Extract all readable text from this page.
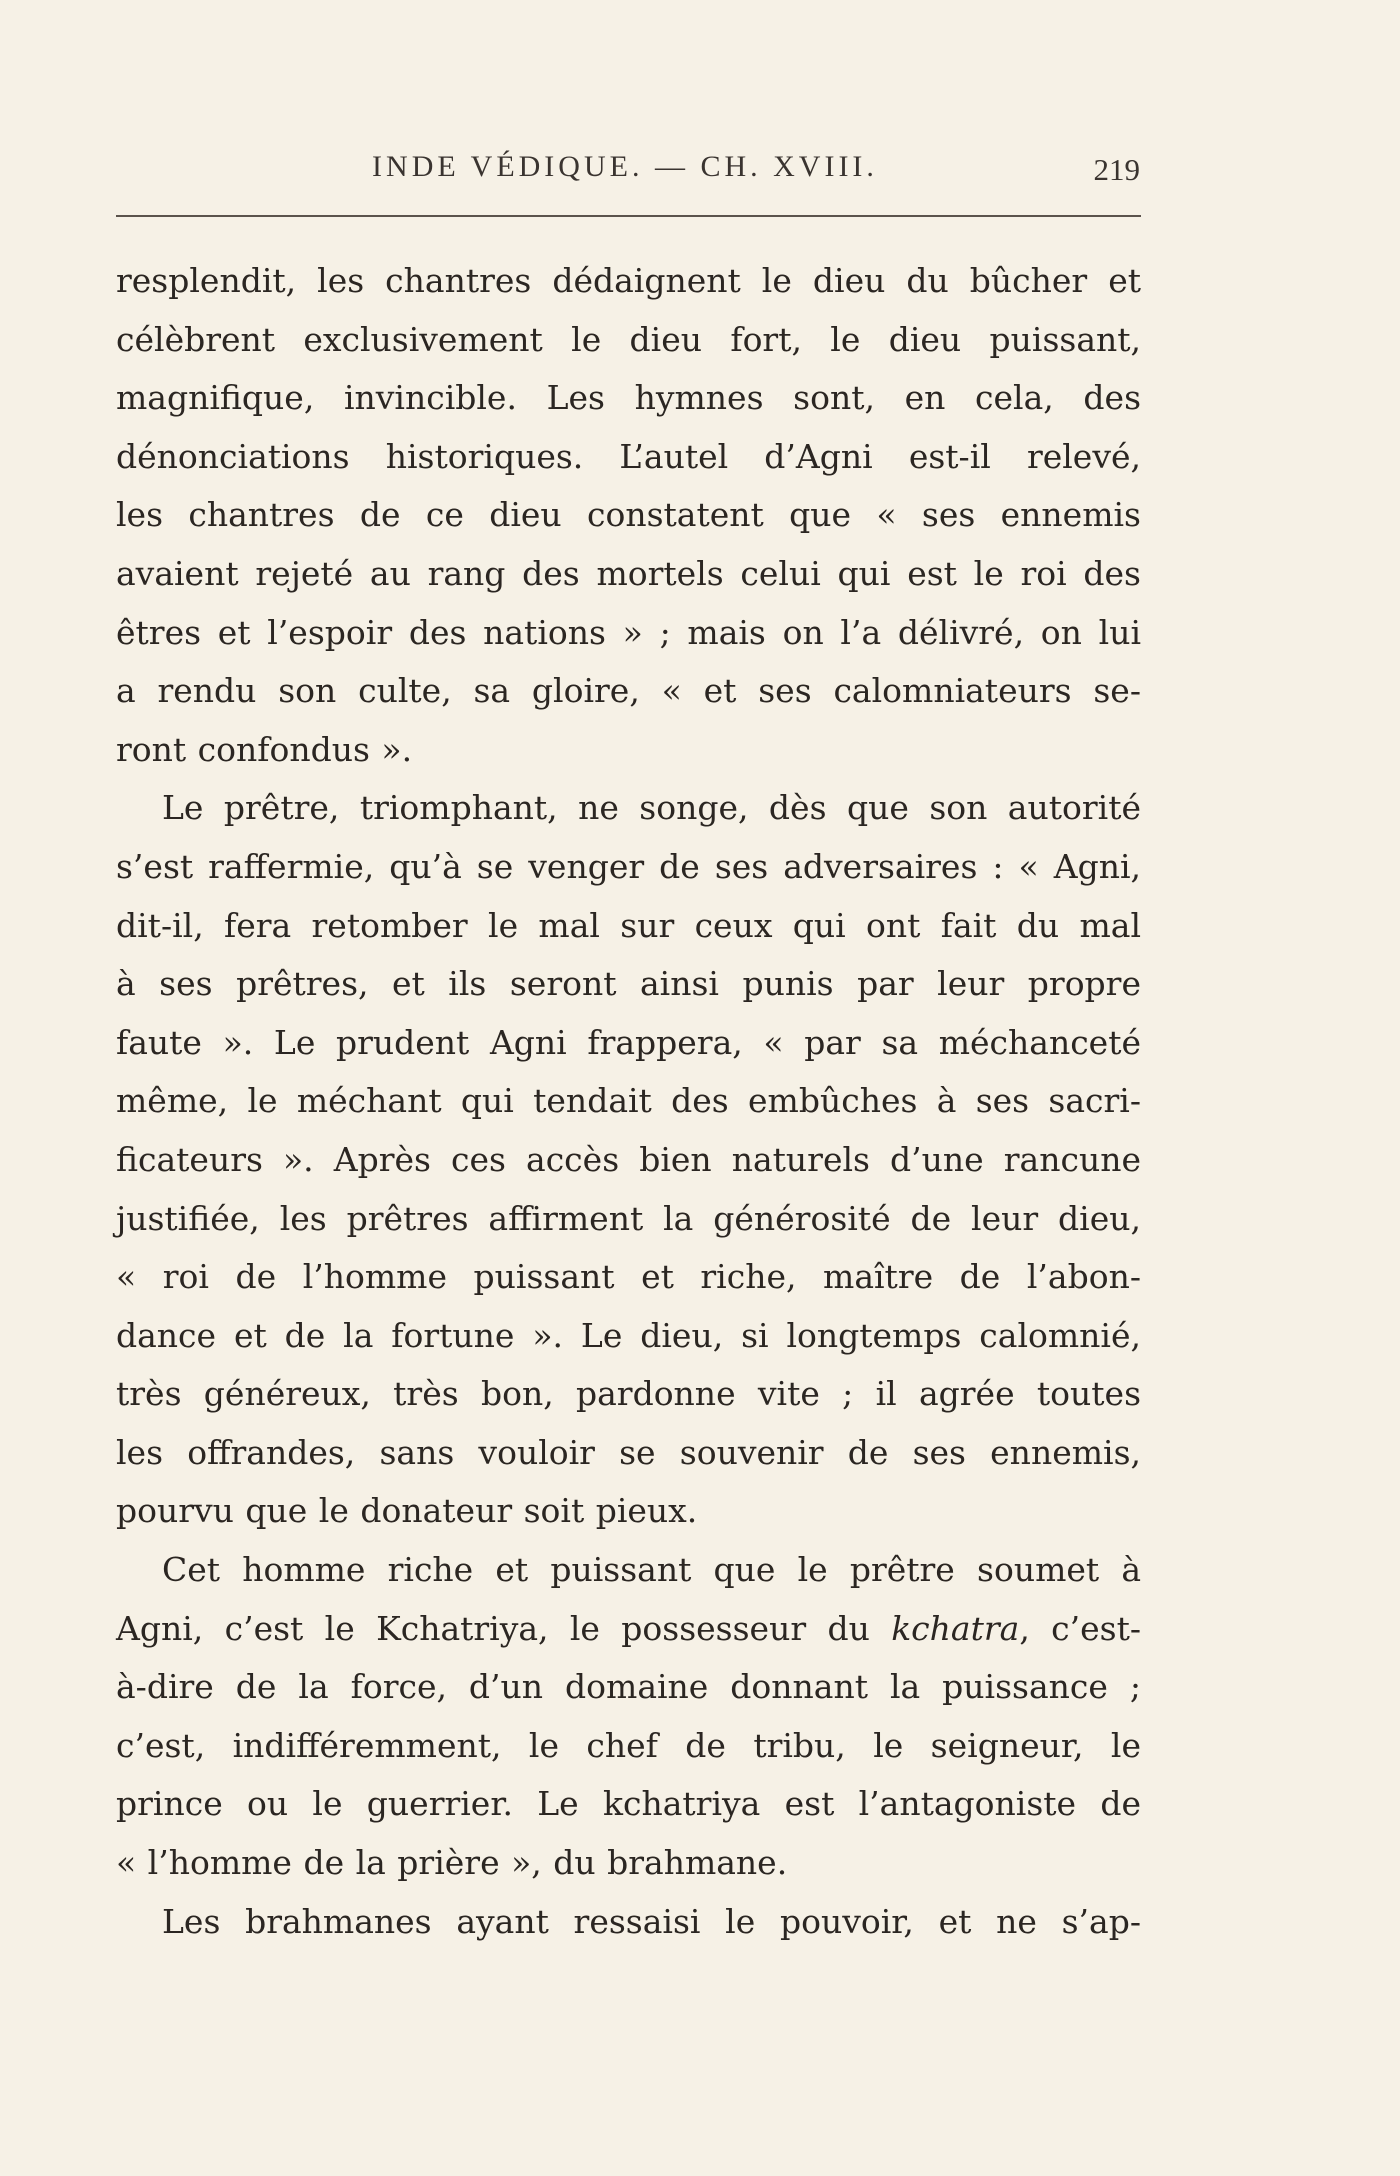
INDE VÉDIQUE. — CH. XVIII.	219
resplendit, les chantres dédaignent le dieu du bûcher et
célèbrent exclusivement le dieu fort, le dieu puissant,
magnifique, invincible. Les hymnes sont, en cela, des
dénonciations historiques. L’autel d’Agni est-il relevé,
les chantres de ce dieu constatent que « ses ennemis
avaient rejeté au rang des mortels celui qui est le roi des
êtres et l’espoir des nations » ; mais on l’a délivré, on lui
a rendu son culte, sa gloire, « et ses calomniateurs se-
ront confondus ».
Le prêtre, triomphant, ne songe, dès que son autorité
s’est raffermie, qu’à se venger de ses adversaires : « Agni,
dit-il, fera retomber le mal sur ceux qui ont fait du mal
à ses prêtres, et ils seront ainsi punis par leur propre
faute ». Le prudent Agni frappera, « par sa méchanceté
même, le méchant qui tendait des embûches à ses sacri-
ficateurs ». Après ces accès bien naturels d’une rancune
justifiée, les prêtres affirment la générosité de leur dieu,
« roi de l’homme puissant et riche, maître de l’abon-
dance et de la fortune ». Le dieu, si longtemps calomnié,
très généreux, très bon, pardonne vite ; il agrée toutes
les offrandes, sans vouloir se souvenir de ses ennemis,
pourvu que le donateur soit pieux.
Cet homme riche et puissant que le prêtre soumet à
Agni, c’est le Kchatriya, le possesseur du kchatra, c’est-
à-dire de la force, d’un domaine donnant la puissance ;
c’est, indifféremment, le chef de tribu, le seigneur, le
prince ou le guerrier. Le kchatriya est l’antagoniste de
« l’homme de la prière », du brahmane.
Les brahmanes ayant ressaisi le pouvoir, et ne s’ap-
